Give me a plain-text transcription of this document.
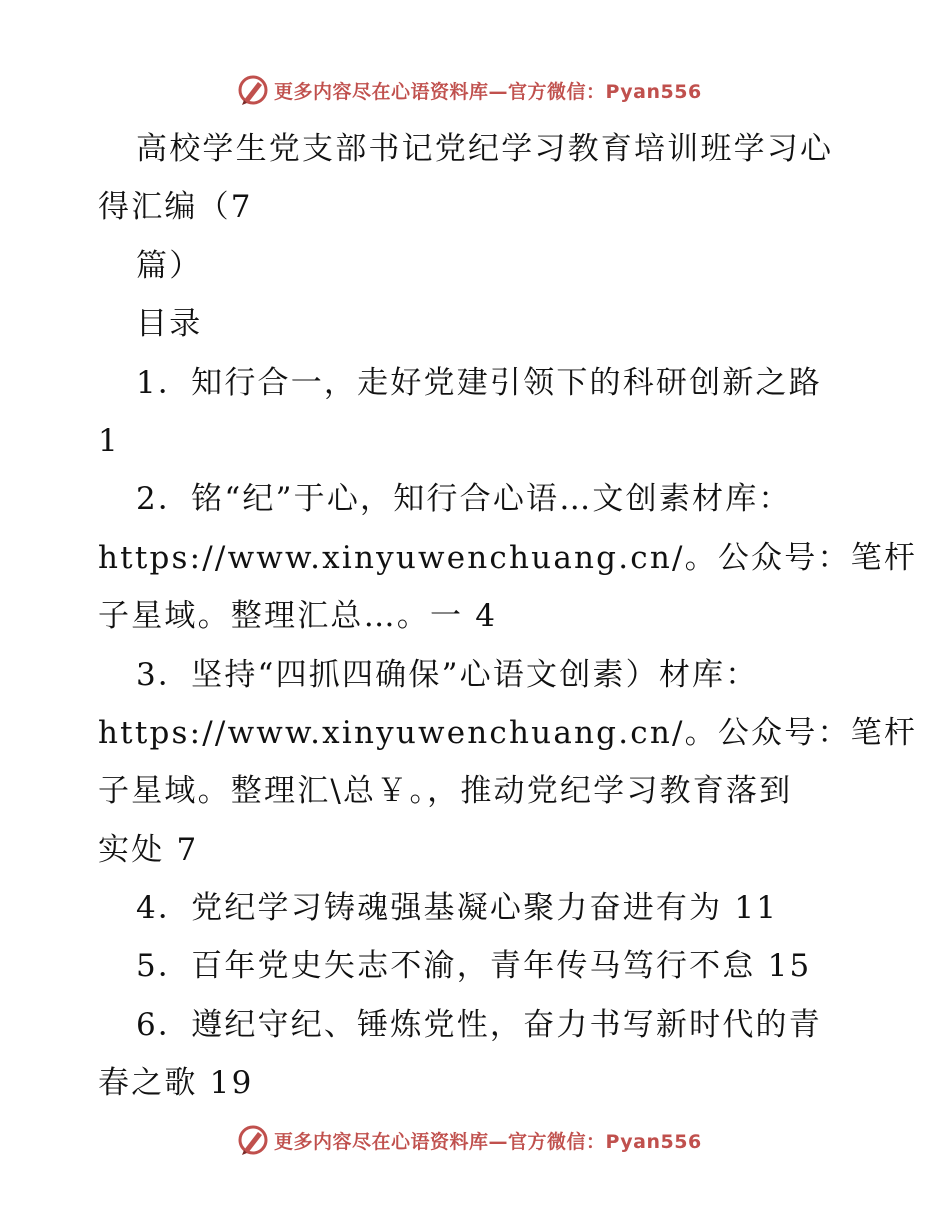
更多内容尽在心语资料库—官方微信：Pyan556
高校学生党支部书记党纪学习教育培训班学习心
得汇编（7
篇）
目录
1．知行合一，走好党建引领下的科研创新之路
1
2．铭“纪”于心，知行合心语…文创素材库：
https://www.xinyuwenchuang.cn/。公众号：笔杆
子星域。整理汇总…。一 4
3．坚持“四抓四确保”心语文创素）材库：
https://www.xinyuwenchuang.cn/。公众号：笔杆
子星域。整理汇\总￥。，推动党纪学习教育落到
实处 7
4．党纪学习铸魂强基凝心聚力奋进有为 11
5．百年党史矢志不渝，青年传马笃行不怠 15
6．遵纪守纪、锤炼党性，奋力书写新时代的青
春之歌 19
更多内容尽在心语资料库—官方微信：Pyan556
